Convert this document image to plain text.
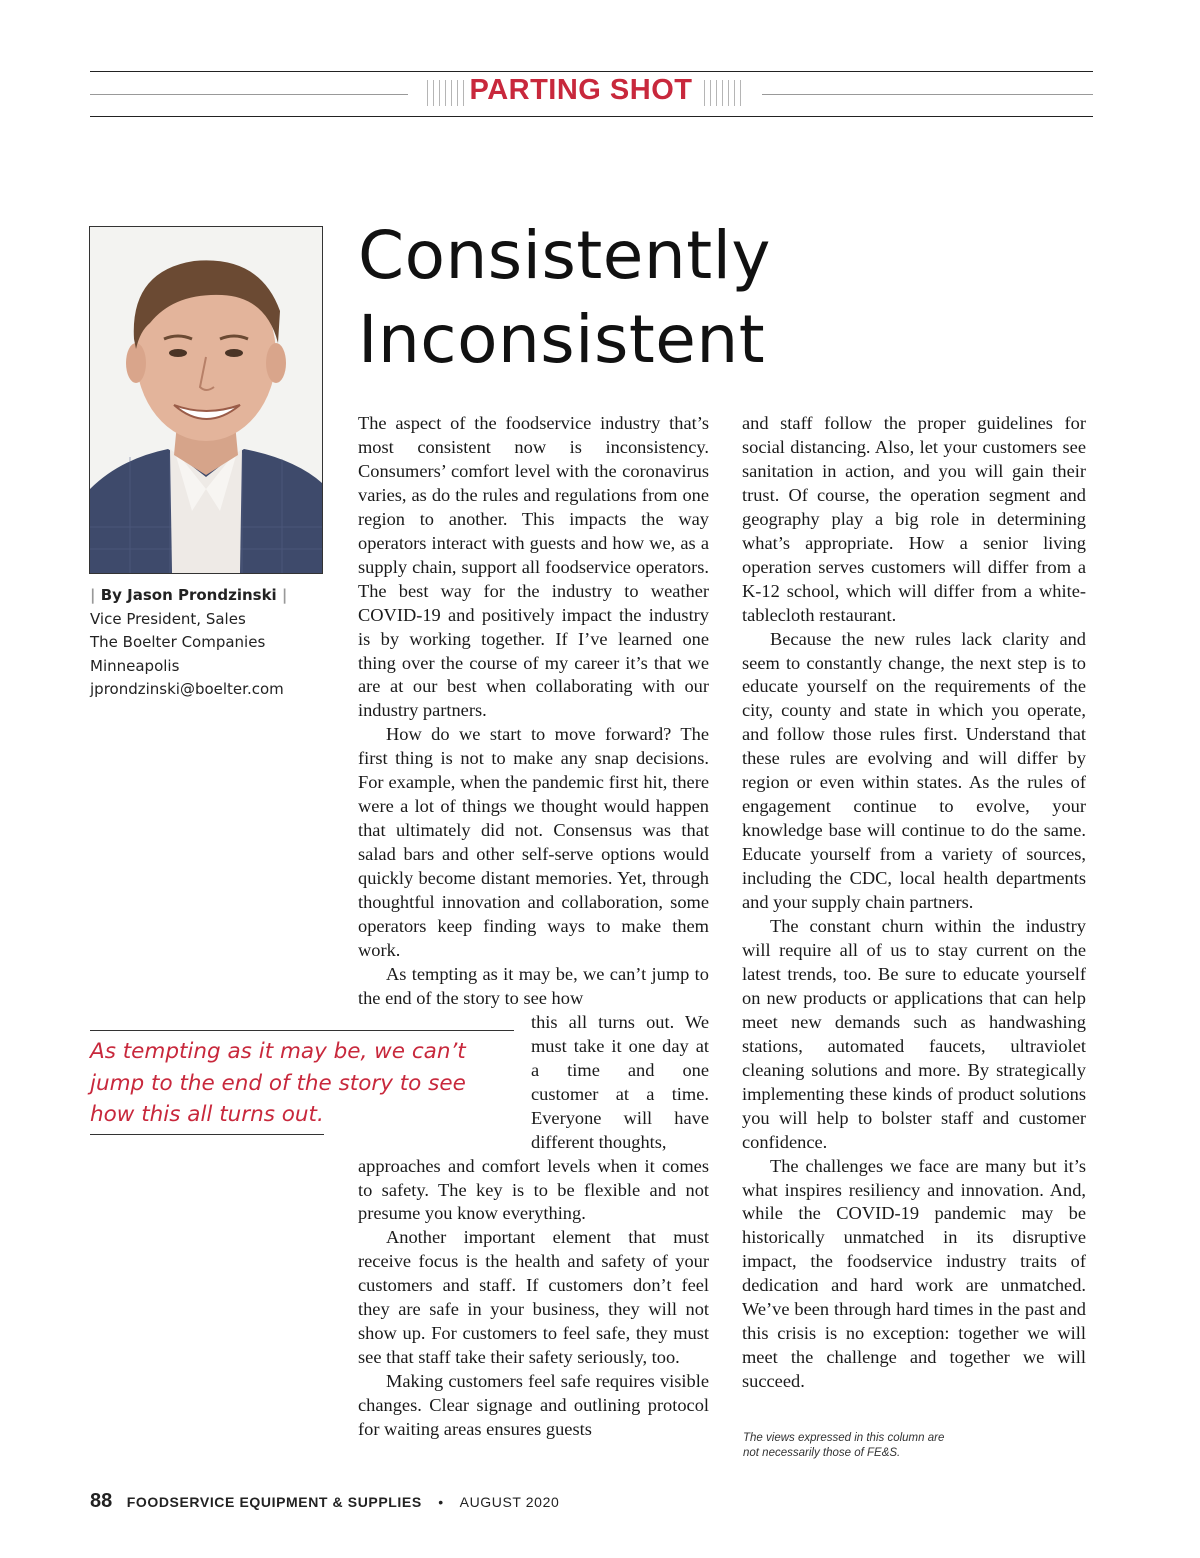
PARTING SHOT
| By Jason Prondzinski |
Vice President, Sales
The Boelter Companies
Minneapolis
jprondzinski@boelter.com
Consistently
Inconsistent

The aspect of the foodservice industry that’s most consistent now is inconsistency. Consumers’ comfort level with the coronavirus varies, as do the rules and regulations from one region to another. This impacts the way operators interact with guests and how we, as a supply chain, support all foodservice operators. The best way for the industry to weather COVID-19 and positively impact the industry is by working together. If I’ve learned one thing over the course of my career it’s that we are at our best when collaborating with our industry partners.

How do we start to move forward? The first thing is not to make any snap decisions. For example, when the pandemic first hit, there were a lot of things we thought would happen that ultimately did not. Consensus was that salad bars and other self-serve options would quickly become distant memories. Yet, through thoughtful innovation and collaboration, some operators keep finding ways to make them work.

As tempting as it may be, we can’t jump to the end of the story to see how

this all turns out. We must take it one day at a time and one customer at a time. Everyone will have different thoughts,

approaches and comfort levels when it comes to safety. The key is to be flexible and not presume you know everything.

Another important element that must receive focus is the health and safety of your customers and staff. If customers don’t feel they are safe in your business, they will not show up. For customers to feel safe, they must see that staff take their safety seriously, too.

Making customers feel safe requires visible changes. Clear signage and outlining protocol for waiting areas ensures guests

and staff follow the proper guidelines for social distancing. Also, let your customers see sanitation in action, and you will gain their trust. Of course, the operation segment and geography play a big role in determining what’s appropriate. How a senior living operation serves customers will differ from a K-12 school, which will differ from a white-tablecloth restaurant.

Because the new rules lack clarity and seem to constantly change, the next step is to educate yourself on the requirements of the city, county and state in which you operate, and follow those rules first. Understand that these rules are evolving and will differ by region or even within states. As the rules of engagement continue to evolve, your knowledge base will continue to do the same. Educate yourself from a variety of sources, including the CDC, local health departments and your supply chain partners.

The constant churn within the industry will require all of us to stay current on the latest trends, too. Be sure to educate yourself on new products or applications that can help meet new demands such as handwashing stations, automated faucets, ultraviolet cleaning solutions and more. By strategically implementing these kinds of product solutions you will help to bolster staff and customer confidence.

The challenges we face are many but it’s what inspires resiliency and innovation. And, while the COVID-19 pandemic may be historically unmatched in its disruptive impact, the foodservice industry traits of dedication and hard work are unmatched. We’ve been through hard times in the past and this crisis is no exception: together we will meet the challenge and together we will succeed.

As tempting as it may be, we can’t jump to the end of the story to see how this all turns out.
The views expressed in this column are
not necessarily those of FE&S.
88 FOODSERVICE EQUIPMENT & SUPPLIES • AUGUST 2020
